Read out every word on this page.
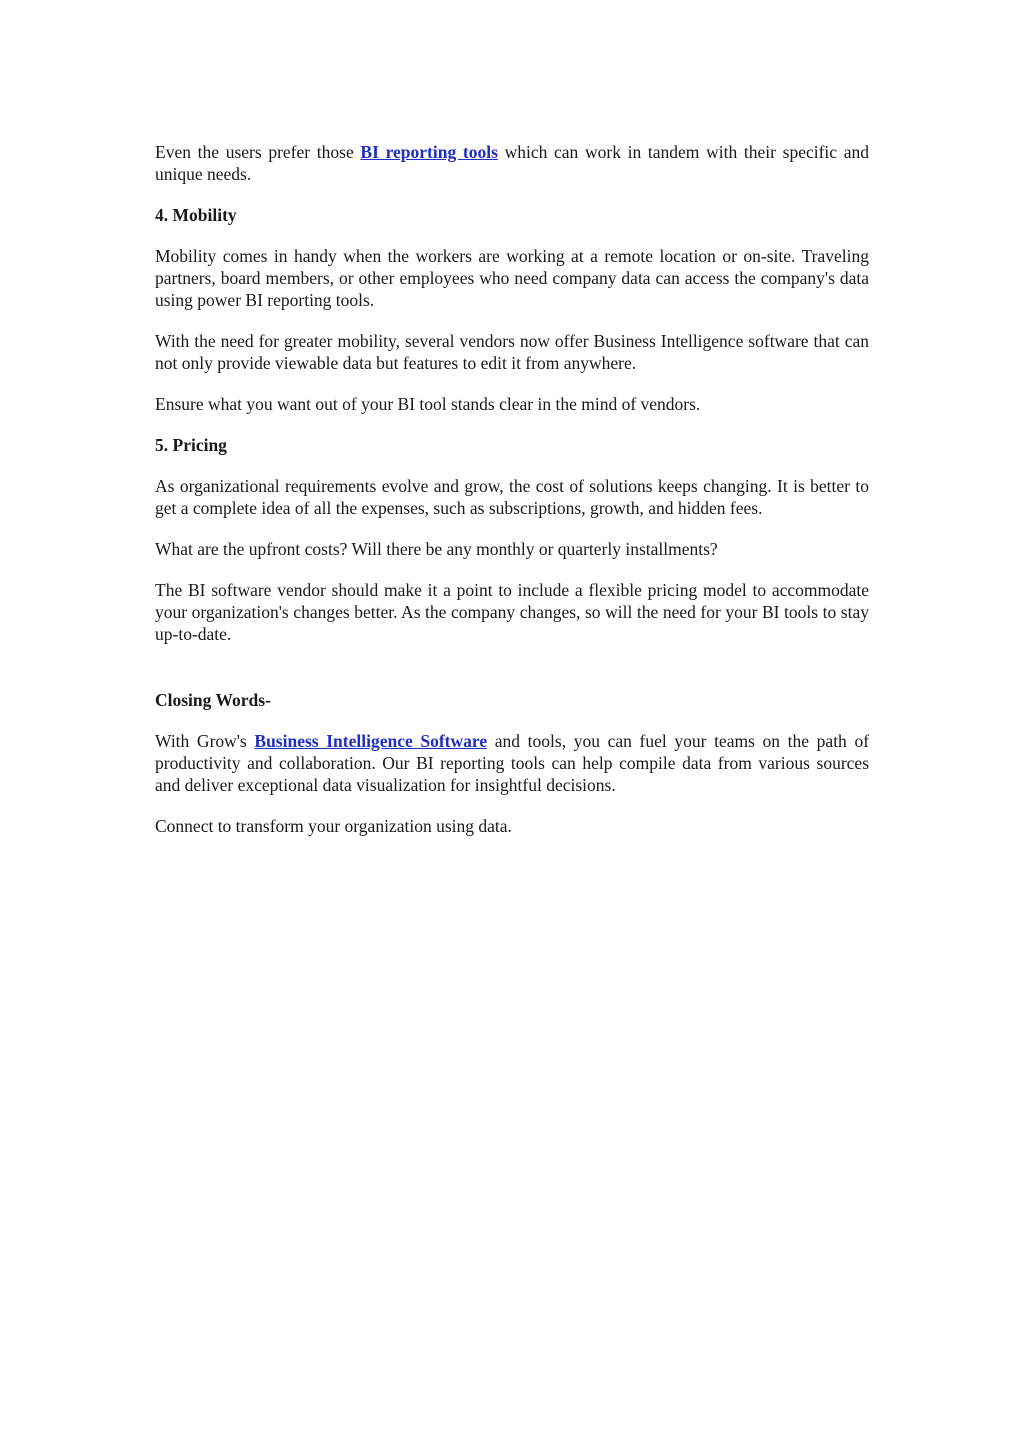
Even the users prefer those BI reporting tools which can work in tandem with their specific and unique needs.

4. Mobility

Mobility comes in handy when the workers are working at a remote location or on-site. Traveling partners, board members, or other employees who need company data can access the company's data using power BI reporting tools.

With the need for greater mobility, several vendors now offer Business Intelligence software that can not only provide viewable data but features to edit it from anywhere.

Ensure what you want out of your BI tool stands clear in the mind of vendors.

5. Pricing

As organizational requirements evolve and grow, the cost of solutions keeps changing. It is better to get a complete idea of all the expenses, such as subscriptions, growth, and hidden fees.

What are the upfront costs? Will there be any monthly or quarterly installments?

The BI software vendor should make it a point to include a flexible pricing model to accommodate your organization's changes better. As the company changes, so will the need for your BI tools to stay up-to-date.

Closing Words-

With Grow's Business Intelligence Software and tools, you can fuel your teams on the path of productivity and collaboration. Our BI reporting tools can help compile data from various sources and deliver exceptional data visualization for insightful decisions.

Connect to transform your organization using data.
